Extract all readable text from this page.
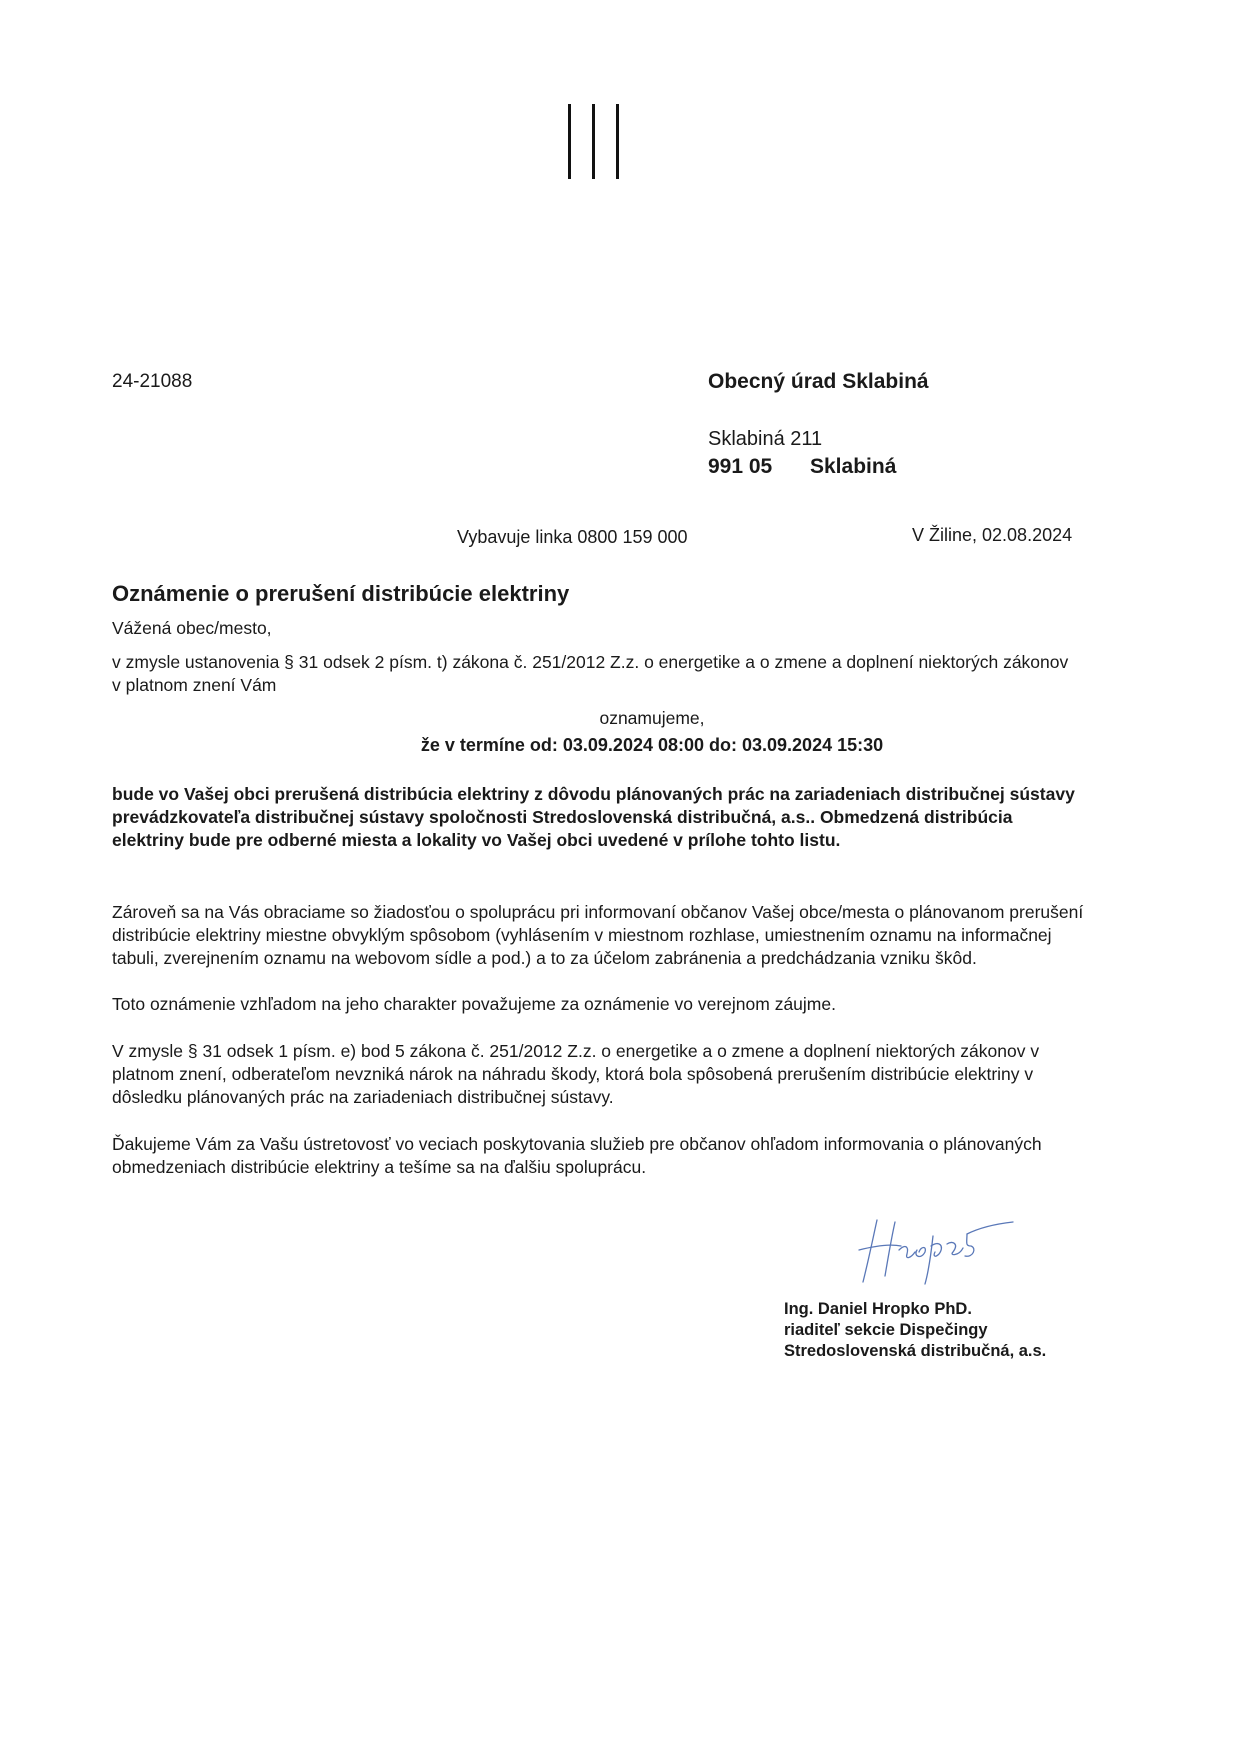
24-21088	Obecný úrad Sklabiná
Sklabiná 211
991 05 Sklabiná
Vybavuje linka 0800 159 000	V Žiline, 02.08.2024
Oznámenie o prerušení distribúcie elektriny
Vážená obec/mesto,
v zmysle ustanovenia § 31 odsek 2 písm. t) zákona č. 251/2012 Z.z. o energetike a o zmene a doplnení niektorých zákonov v platnom znení Vám
oznamujeme,
že v termíne od: 03.09.2024 08:00 do: 03.09.2024 15:30
bude vo Vašej obci prerušená distribúcia elektriny z dôvodu plánovaných prác na zariadeniach distribučnej sústavy prevádzkovateľa distribučnej sústavy spoločnosti Stredoslovenská distribučná, a.s.. Obmedzená distribúcia elektriny bude pre odberné miesta a lokality vo Vašej obci uvedené v prílohe tohto listu.
Zároveň sa na Vás obraciame so žiadosťou o spoluprácu pri informovaní občanov Vašej obce/mesta o plánovanom prerušení distribúcie elektriny miestne obvyklým spôsobom (vyhlásením v miestnom rozhlase, umiestnením oznamu na informačnej tabuli, zverejnením oznamu na webovom sídle a pod.) a to za účelom zabránenia a predchádzania vzniku škôd.
Toto oznámenie vzhľadom na jeho charakter považujeme za oznámenie vo verejnom záujme.
V zmysle § 31 odsek 1 písm. e) bod 5 zákona č. 251/2012 Z.z. o energetike a o zmene a doplnení niektorých zákonov v platnom znení, odberateľom nevzniká nárok na náhradu škody, ktorá bola spôsobená prerušením distribúcie elektriny v dôsledku plánovaných prác na zariadeniach distribučnej sústavy.
Ďakujeme Vám za Vašu ústretovosť vo veciach poskytovania služieb pre občanov ohľadom informovania o plánovaných obmedzeniach distribúcie elektriny a tešíme sa na ďalšiu spoluprácu.
Ing. Daniel Hropko PhD.
riaditeľ sekcie Dispečingy
Stredoslovenská distribučná, a.s.
